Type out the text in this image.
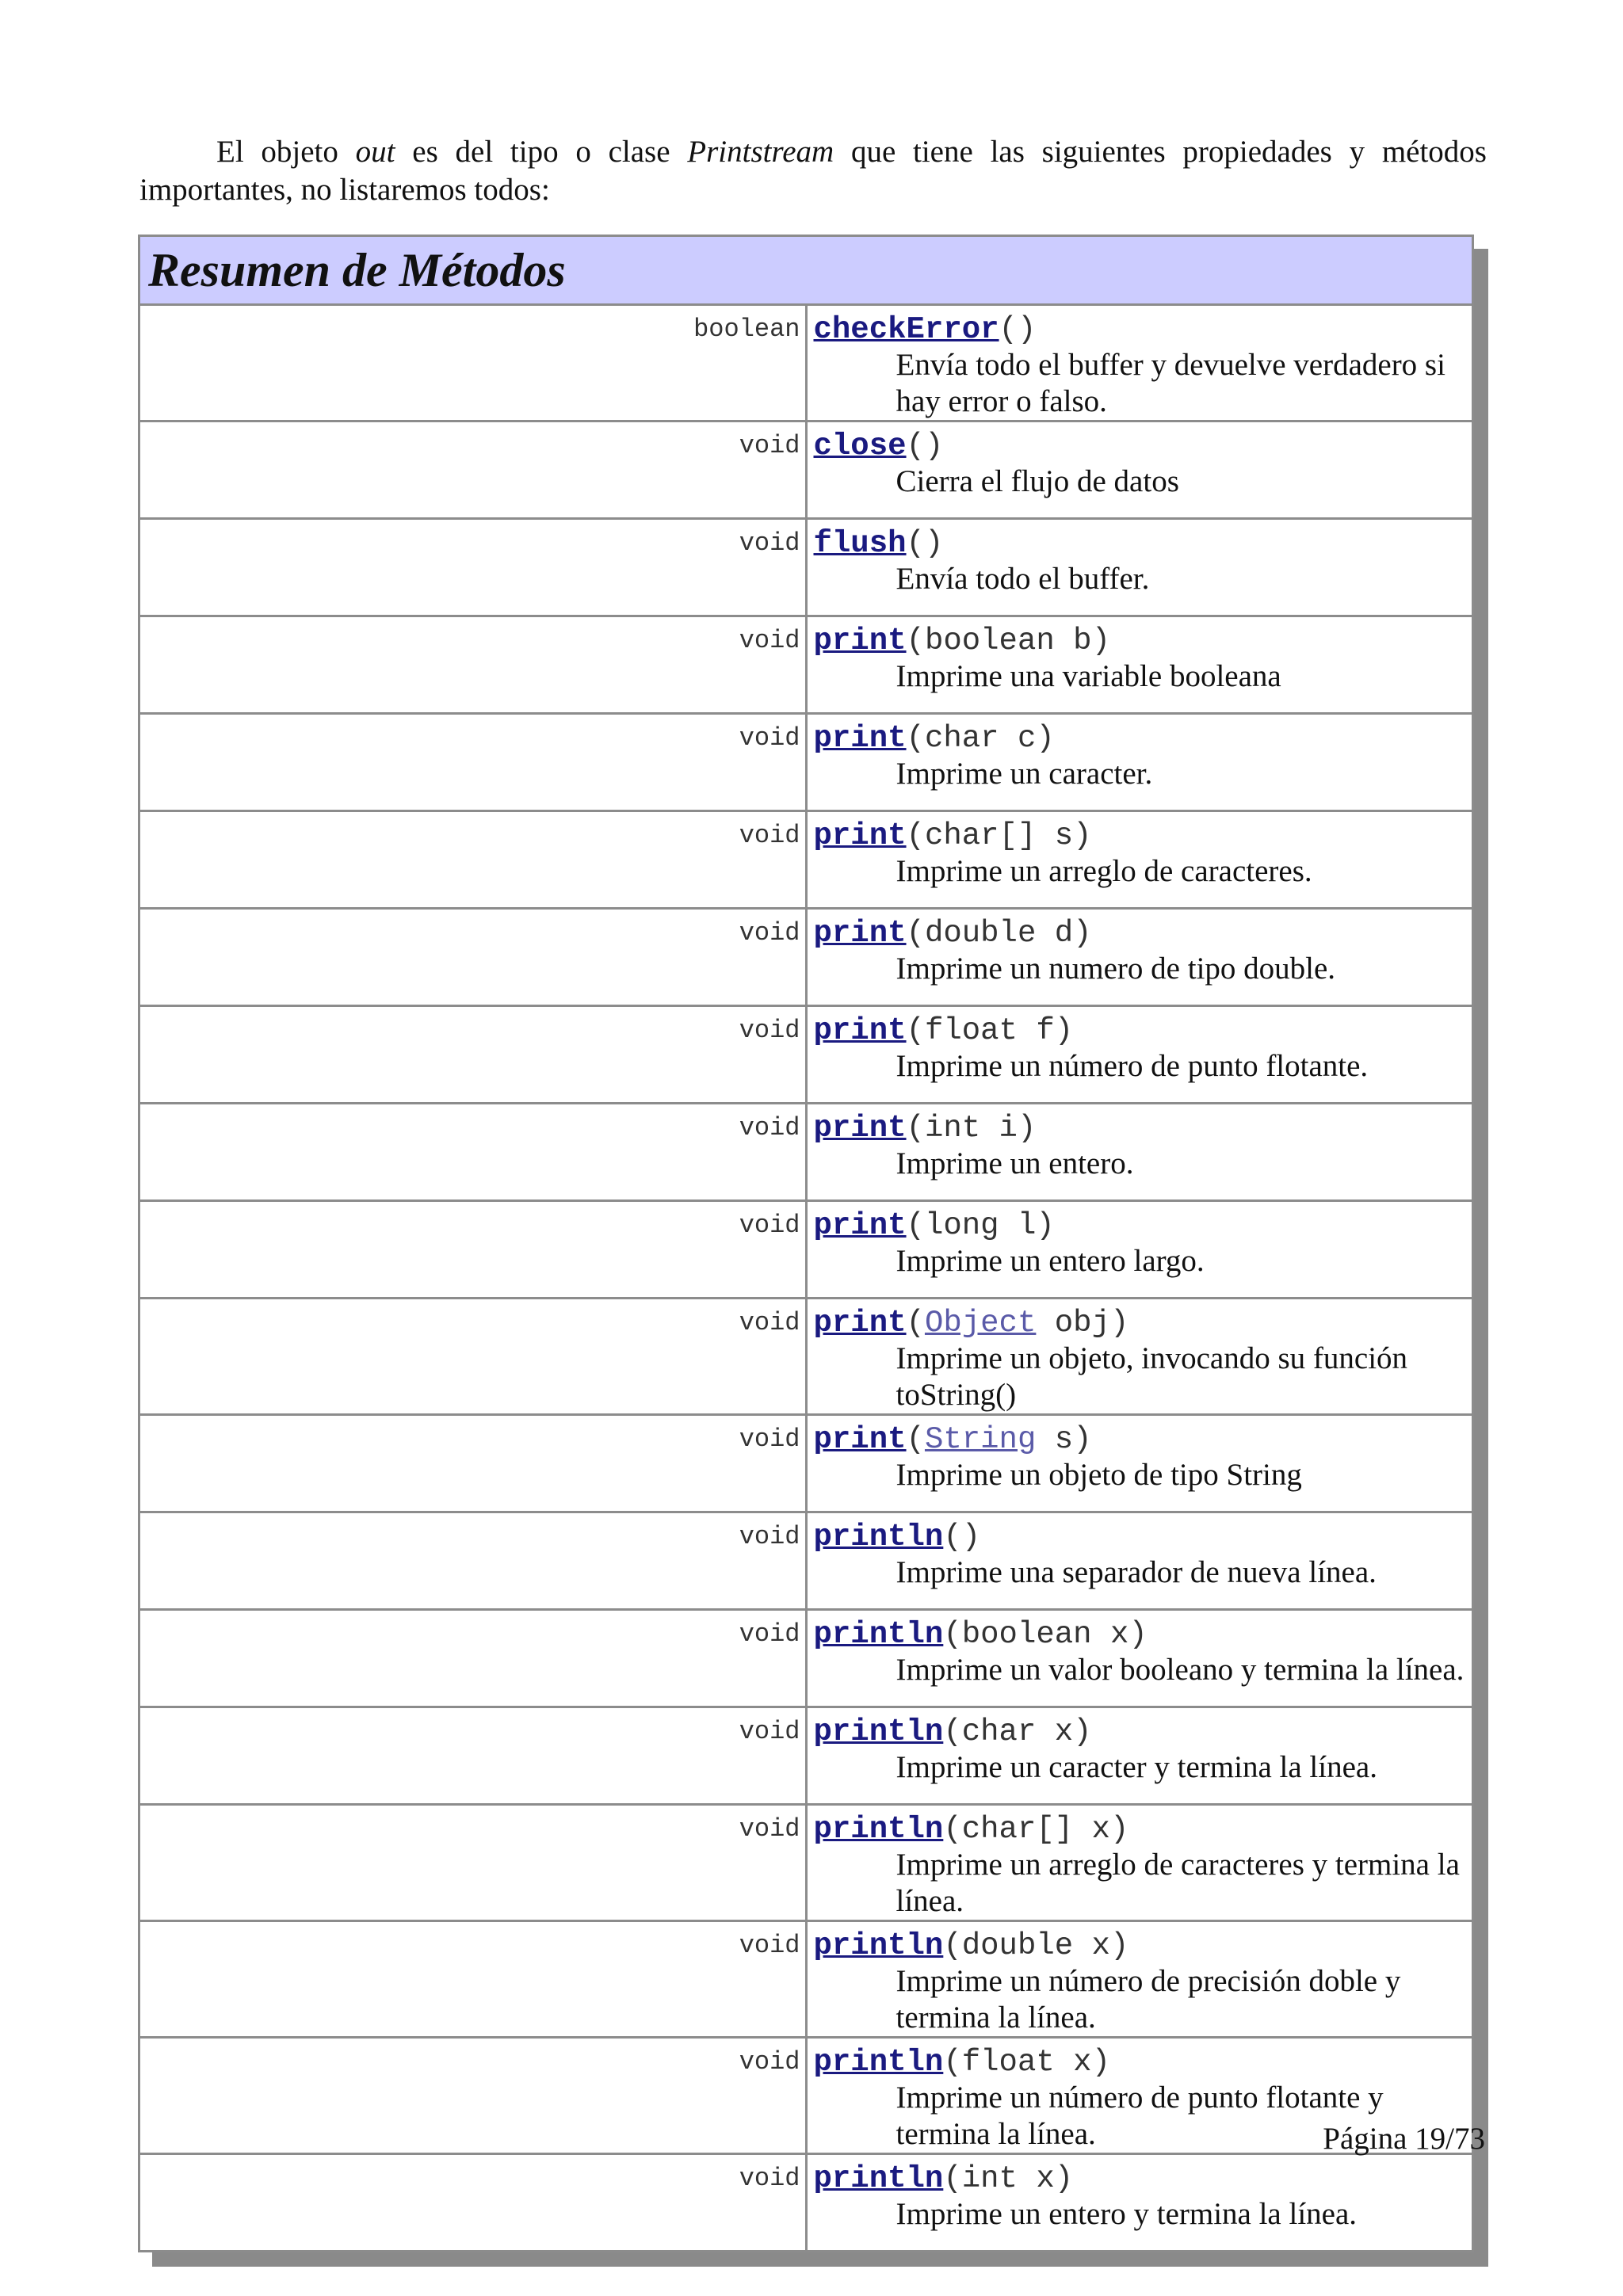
El objeto out es del tipo o clase Printstream que tiene las siguientes propiedades y métodos
importantes, no listaremos todos:

Resumen de Métodos	
boolean	checkError()
Envía todo el buffer y devuelve verdadero si hay error o falso.

void	close()
Cierra el flujo de datos

void	flush()
Envía todo el buffer.

void	print(boolean b)
Imprime una variable booleana

void	print(char c)
Imprime un caracter.

void	print(char[] s)
Imprime un arreglo de caracteres.

void	print(double d)
Imprime un numero de tipo double.

void	print(float f)
Imprime un número de punto flotante.

void	print(int i)
Imprime un entero.

void	print(long l)
Imprime un entero largo.

void	print(Object obj)
Imprime un objeto, invocando su función toString()

void	print(String s)
Imprime un objeto de tipo String

void	println()
Imprime una separador de nueva línea.

void	println(boolean x)
Imprime un valor booleano y termina la línea.

void	println(char x)
Imprime un caracter y termina la línea.

void	println(char[] x)
Imprime un arreglo de caracteres y termina la línea.

void	println(double x)
Imprime un número de precisión doble y termina la línea.

void	println(float x)
Imprime un número de punto flotante y termina la línea.

void	println(int x)
Imprime un entero y termina la línea.
Página 19/73
